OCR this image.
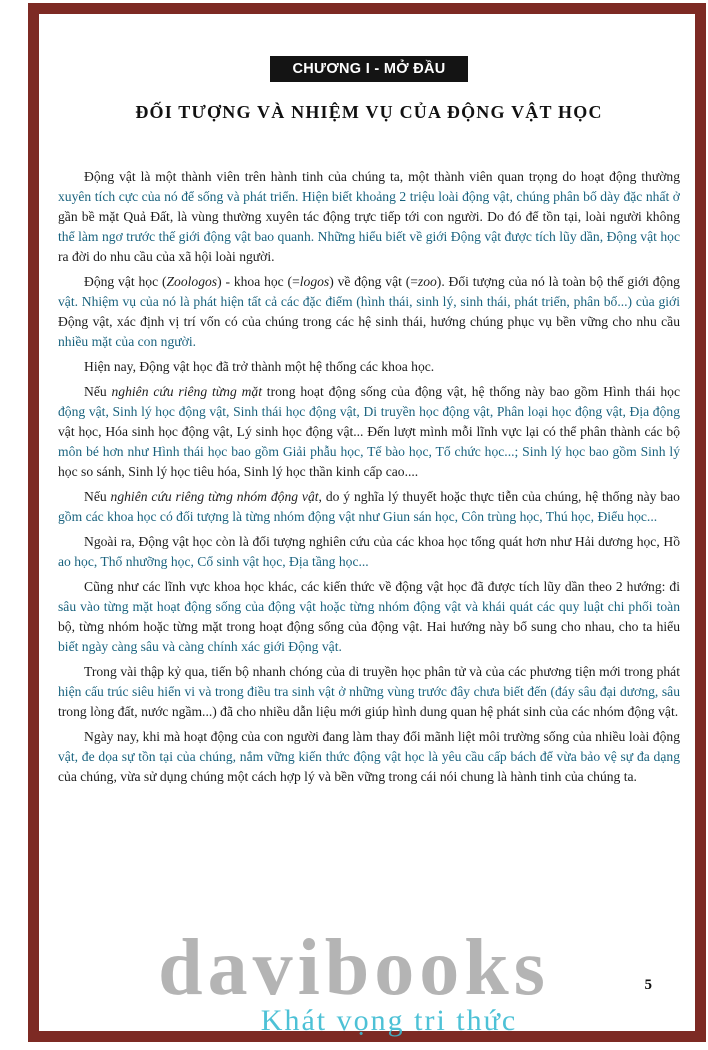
CHƯƠNG I - MỞ ĐẦU
ĐỐI TƯỢNG VÀ NHIỆM VỤ CỦA ĐỘNG VẬT HỌC

Động vật là một thành viên trên hành tinh của chúng ta, một thành viên quan trọng do hoạt động thường xuyên tích cực của nó để sống và phát triển. Hiện biết khoảng 2 triệu loài động vật, chúng phân bố dày đặc nhất ở gần bề mặt Quả Đất, là vùng thường xuyên tác động trực tiếp tới con người. Do đó để tồn tại, loài người không thể làm ngơ trước thế giới động vật bao quanh. Những hiểu biết về giới Động vật được tích lũy dần, Động vật học ra đời do nhu cầu của xã hội loài người.

Động vật học (Zoologos) - khoa học (=logos) về động vật (=zoo). Đối tượng của nó là toàn bộ thế giới động vật. Nhiệm vụ của nó là phát hiện tất cả các đặc điểm (hình thái, sinh lý, sinh thái, phát triển, phân bố...) của giới Động vật, xác định vị trí vốn có của chúng trong các hệ sinh thái, hướng chúng phục vụ bền vững cho nhu cầu nhiều mặt của con người.

Hiện nay, Động vật học đã trở thành một hệ thống các khoa học.

Nếu nghiên cứu riêng từng mặt trong hoạt động sống của động vật, hệ thống này bao gồm Hình thái học động vật, Sinh lý học động vật, Sinh thái học động vật, Di truyền học động vật, Phân loại học động vật, Địa động vật học, Hóa sinh học động vật, Lý sinh học động vật... Đến lượt mình mỗi lĩnh vực lại có thể phân thành các bộ môn bé hơn như Hình thái học bao gồm Giải phẫu học, Tế bào học, Tổ chức học...; Sinh lý học bao gồm Sinh lý học so sánh, Sinh lý học tiêu hóa, Sinh lý học thần kinh cấp cao....

Nếu nghiên cứu riêng từng nhóm động vật, do ý nghĩa lý thuyết hoặc thực tiễn của chúng, hệ thống này bao gồm các khoa học có đối tượng là từng nhóm động vật như Giun sán học, Côn trùng học, Thú học, Điểu học...

Ngoài ra, Động vật học còn là đối tượng nghiên cứu của các khoa học tổng quát hơn như Hải dương học, Hồ ao học, Thổ nhưỡng học, Cổ sinh vật học, Địa tầng học...

Cũng như các lĩnh vực khoa học khác, các kiến thức về động vật học đã được tích lũy dần theo 2 hướng: đi sâu vào từng mặt hoạt động sống của động vật hoặc từng nhóm động vật và khái quát các quy luật chi phối toàn bộ, từng nhóm hoặc từng mặt trong hoạt động sống của động vật. Hai hướng này bổ sung cho nhau, cho ta hiểu biết ngày càng sâu và càng chính xác giới Động vật.

Trong vài thập kỷ qua, tiến bộ nhanh chóng của di truyền học phân tử và của các phương tiện mới trong phát hiện cấu trúc siêu hiển vi và trong điều tra sinh vật ở những vùng trước đây chưa biết đến (đáy sâu đại dương, sâu trong lòng đất, nước ngầm...) đã cho nhiều dẫn liệu mới giúp hình dung quan hệ phát sinh của các nhóm động vật.

Ngày nay, khi mà hoạt động của con người đang làm thay đổi mãnh liệt môi trường sống của nhiều loài động vật, đe dọa sự tồn tại của chúng, nắm vững kiến thức động vật học là yêu cầu cấp bách để vừa bảo vệ sự đa dạng của chúng, vừa sử dụng chúng một cách hợp lý và bền vững trong cái nói chung là hành tinh của chúng ta.

davibooks
Khát vọng tri thức
5
